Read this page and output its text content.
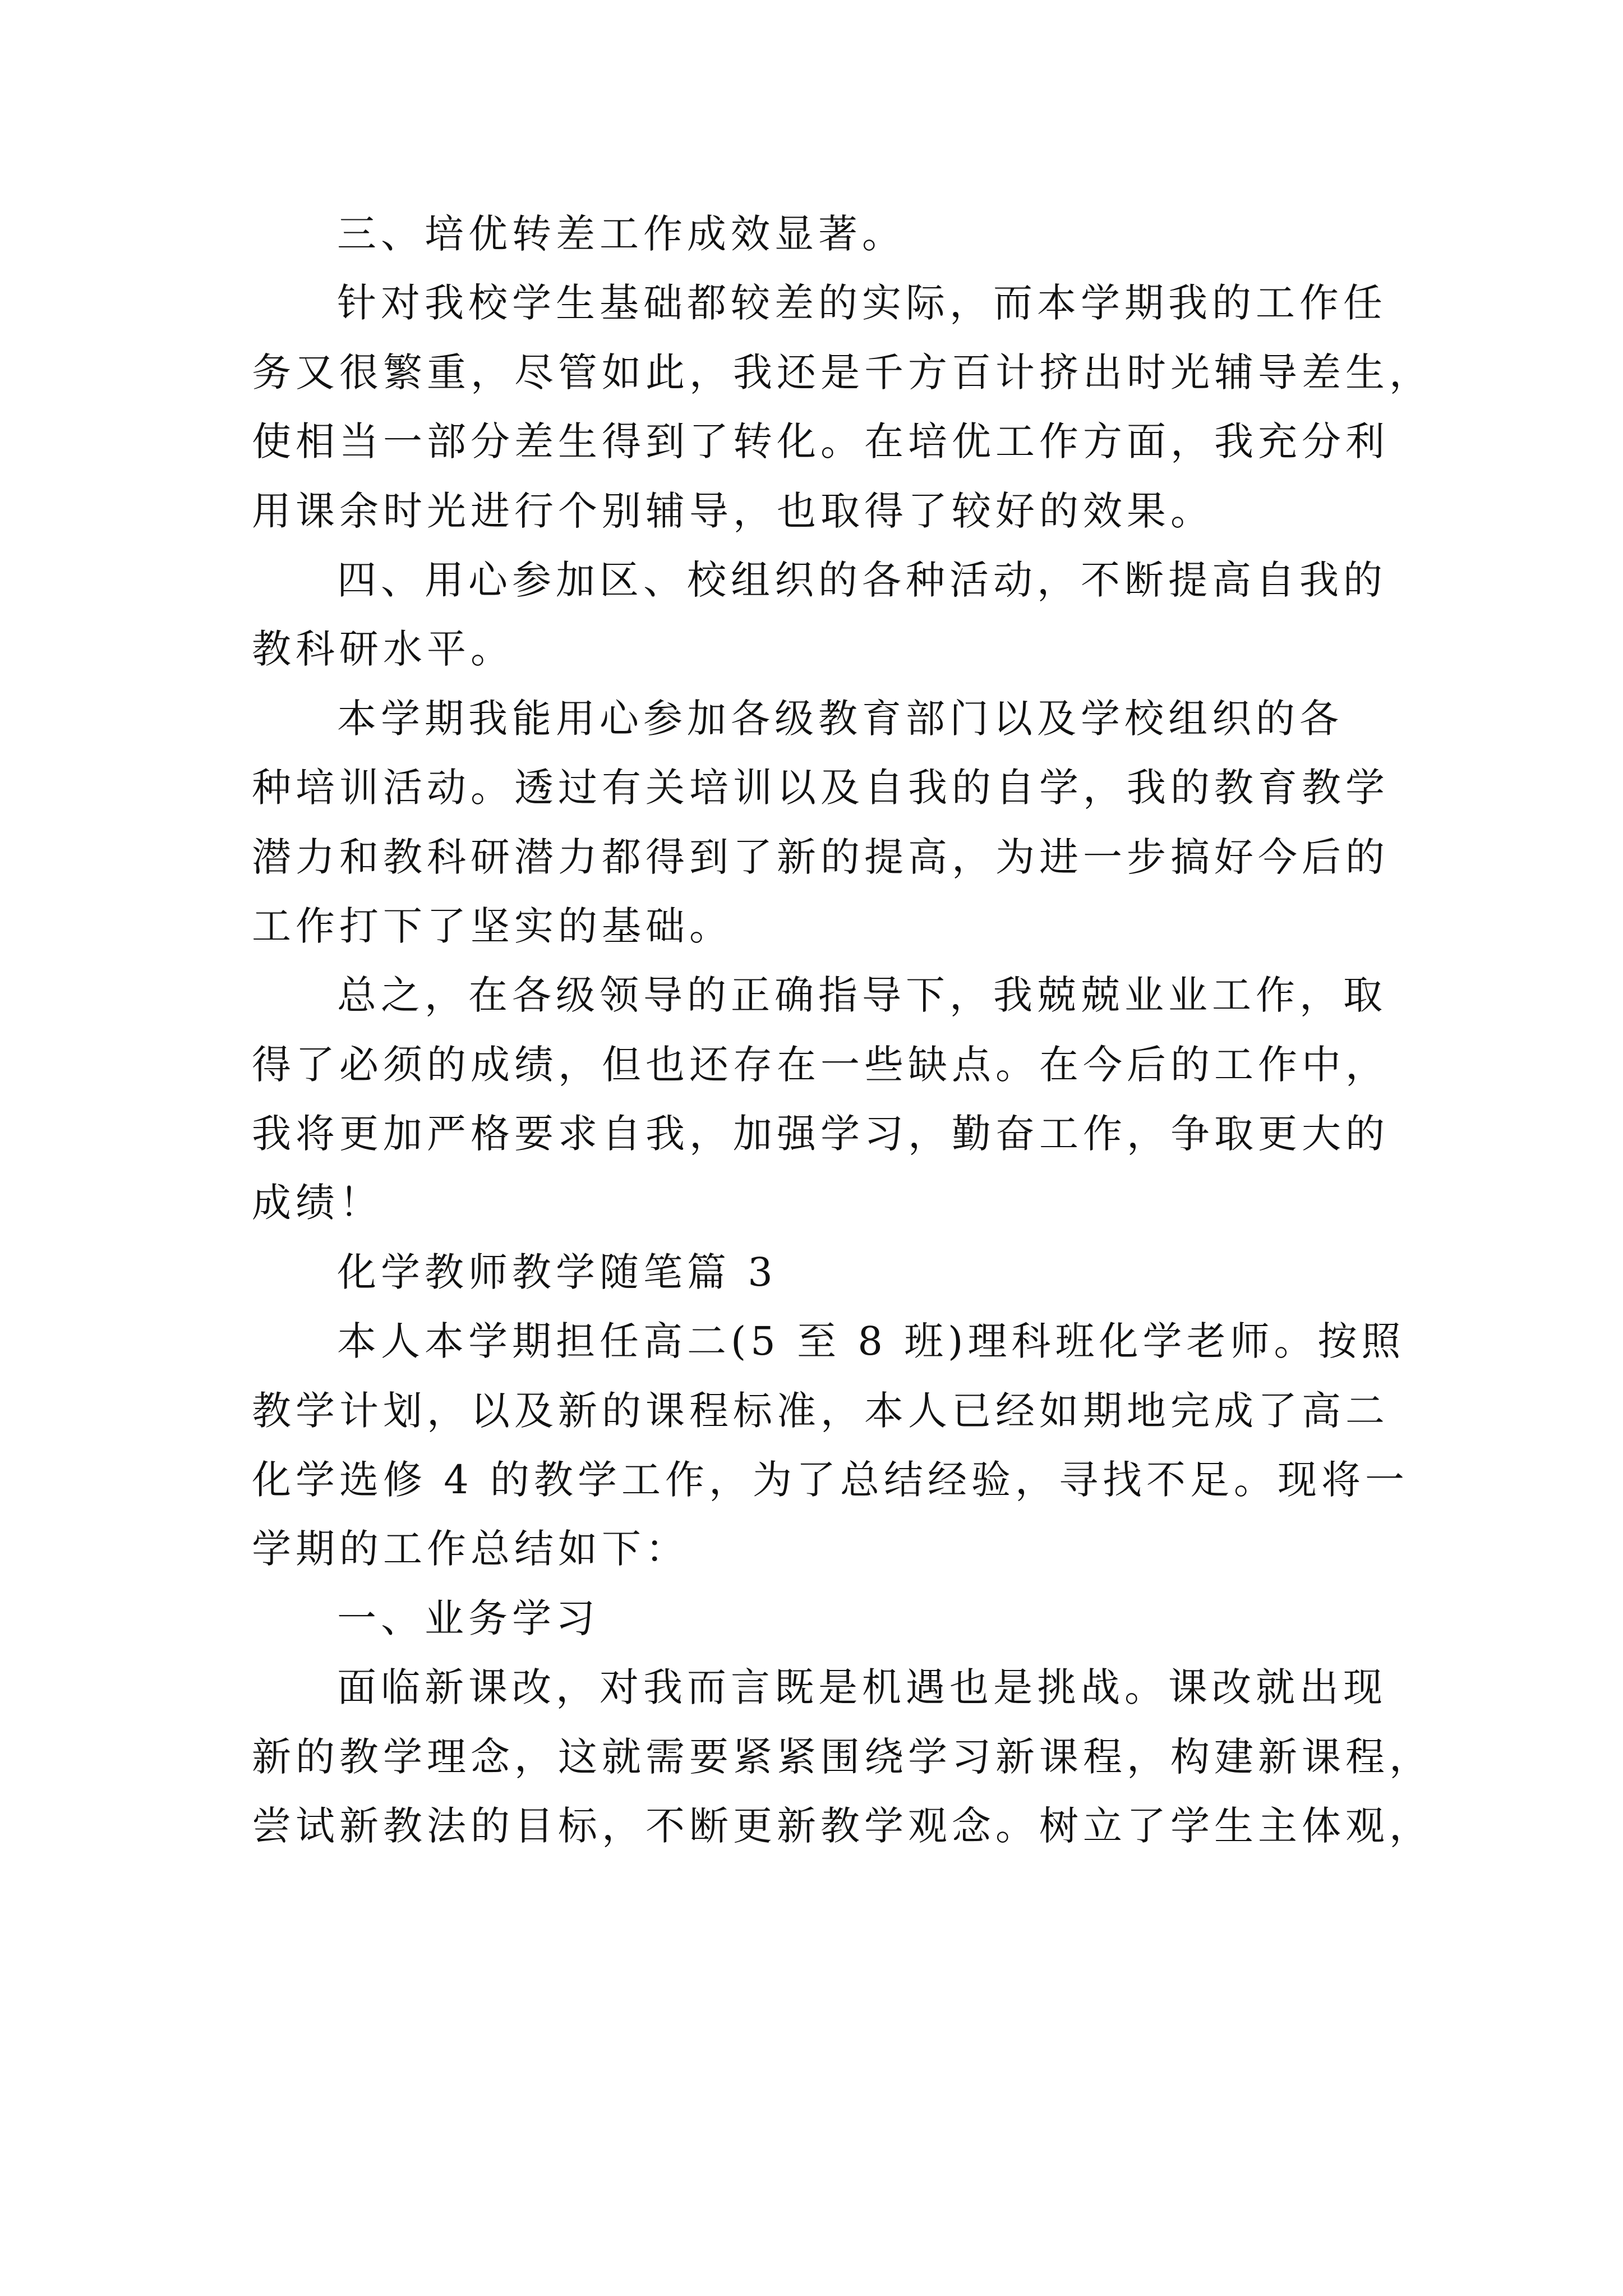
三、培优转差工作成效显著。
针对我校学生基础都较差的实际，而本学期我的工作任
务又很繁重，尽管如此，我还是千方百计挤出时光辅导差生，
使相当一部分差生得到了转化。在培优工作方面，我充分利
用课余时光进行个别辅导，也取得了较好的效果。
四、用心参加区、校组织的各种活动，不断提高自我的
教科研水平。
本学期我能用心参加各级教育部门以及学校组织的各
种培训活动。透过有关培训以及自我的自学，我的教育教学
潜力和教科研潜力都得到了新的提高，为进一步搞好今后的
工作打下了坚实的基础。
总之，在各级领导的正确指导下，我兢兢业业工作，取
得了必须的成绩，但也还存在一些缺点。在今后的工作中，
我将更加严格要求自我，加强学习，勤奋工作，争取更大的
成绩！
化学教师教学随笔篇 3
本人本学期担任高二(5 至 8 班)理科班化学老师。按照
教学计划，以及新的课程标准，本人已经如期地完成了高二
化学选修 4 的教学工作，为了总结经验，寻找不足。现将一
学期的工作总结如下：
一、业务学习
面临新课改，对我而言既是机遇也是挑战。课改就出现
新的教学理念，这就需要紧紧围绕学习新课程，构建新课程，
尝试新教法的目标，不断更新教学观念。树立了学生主体观，
